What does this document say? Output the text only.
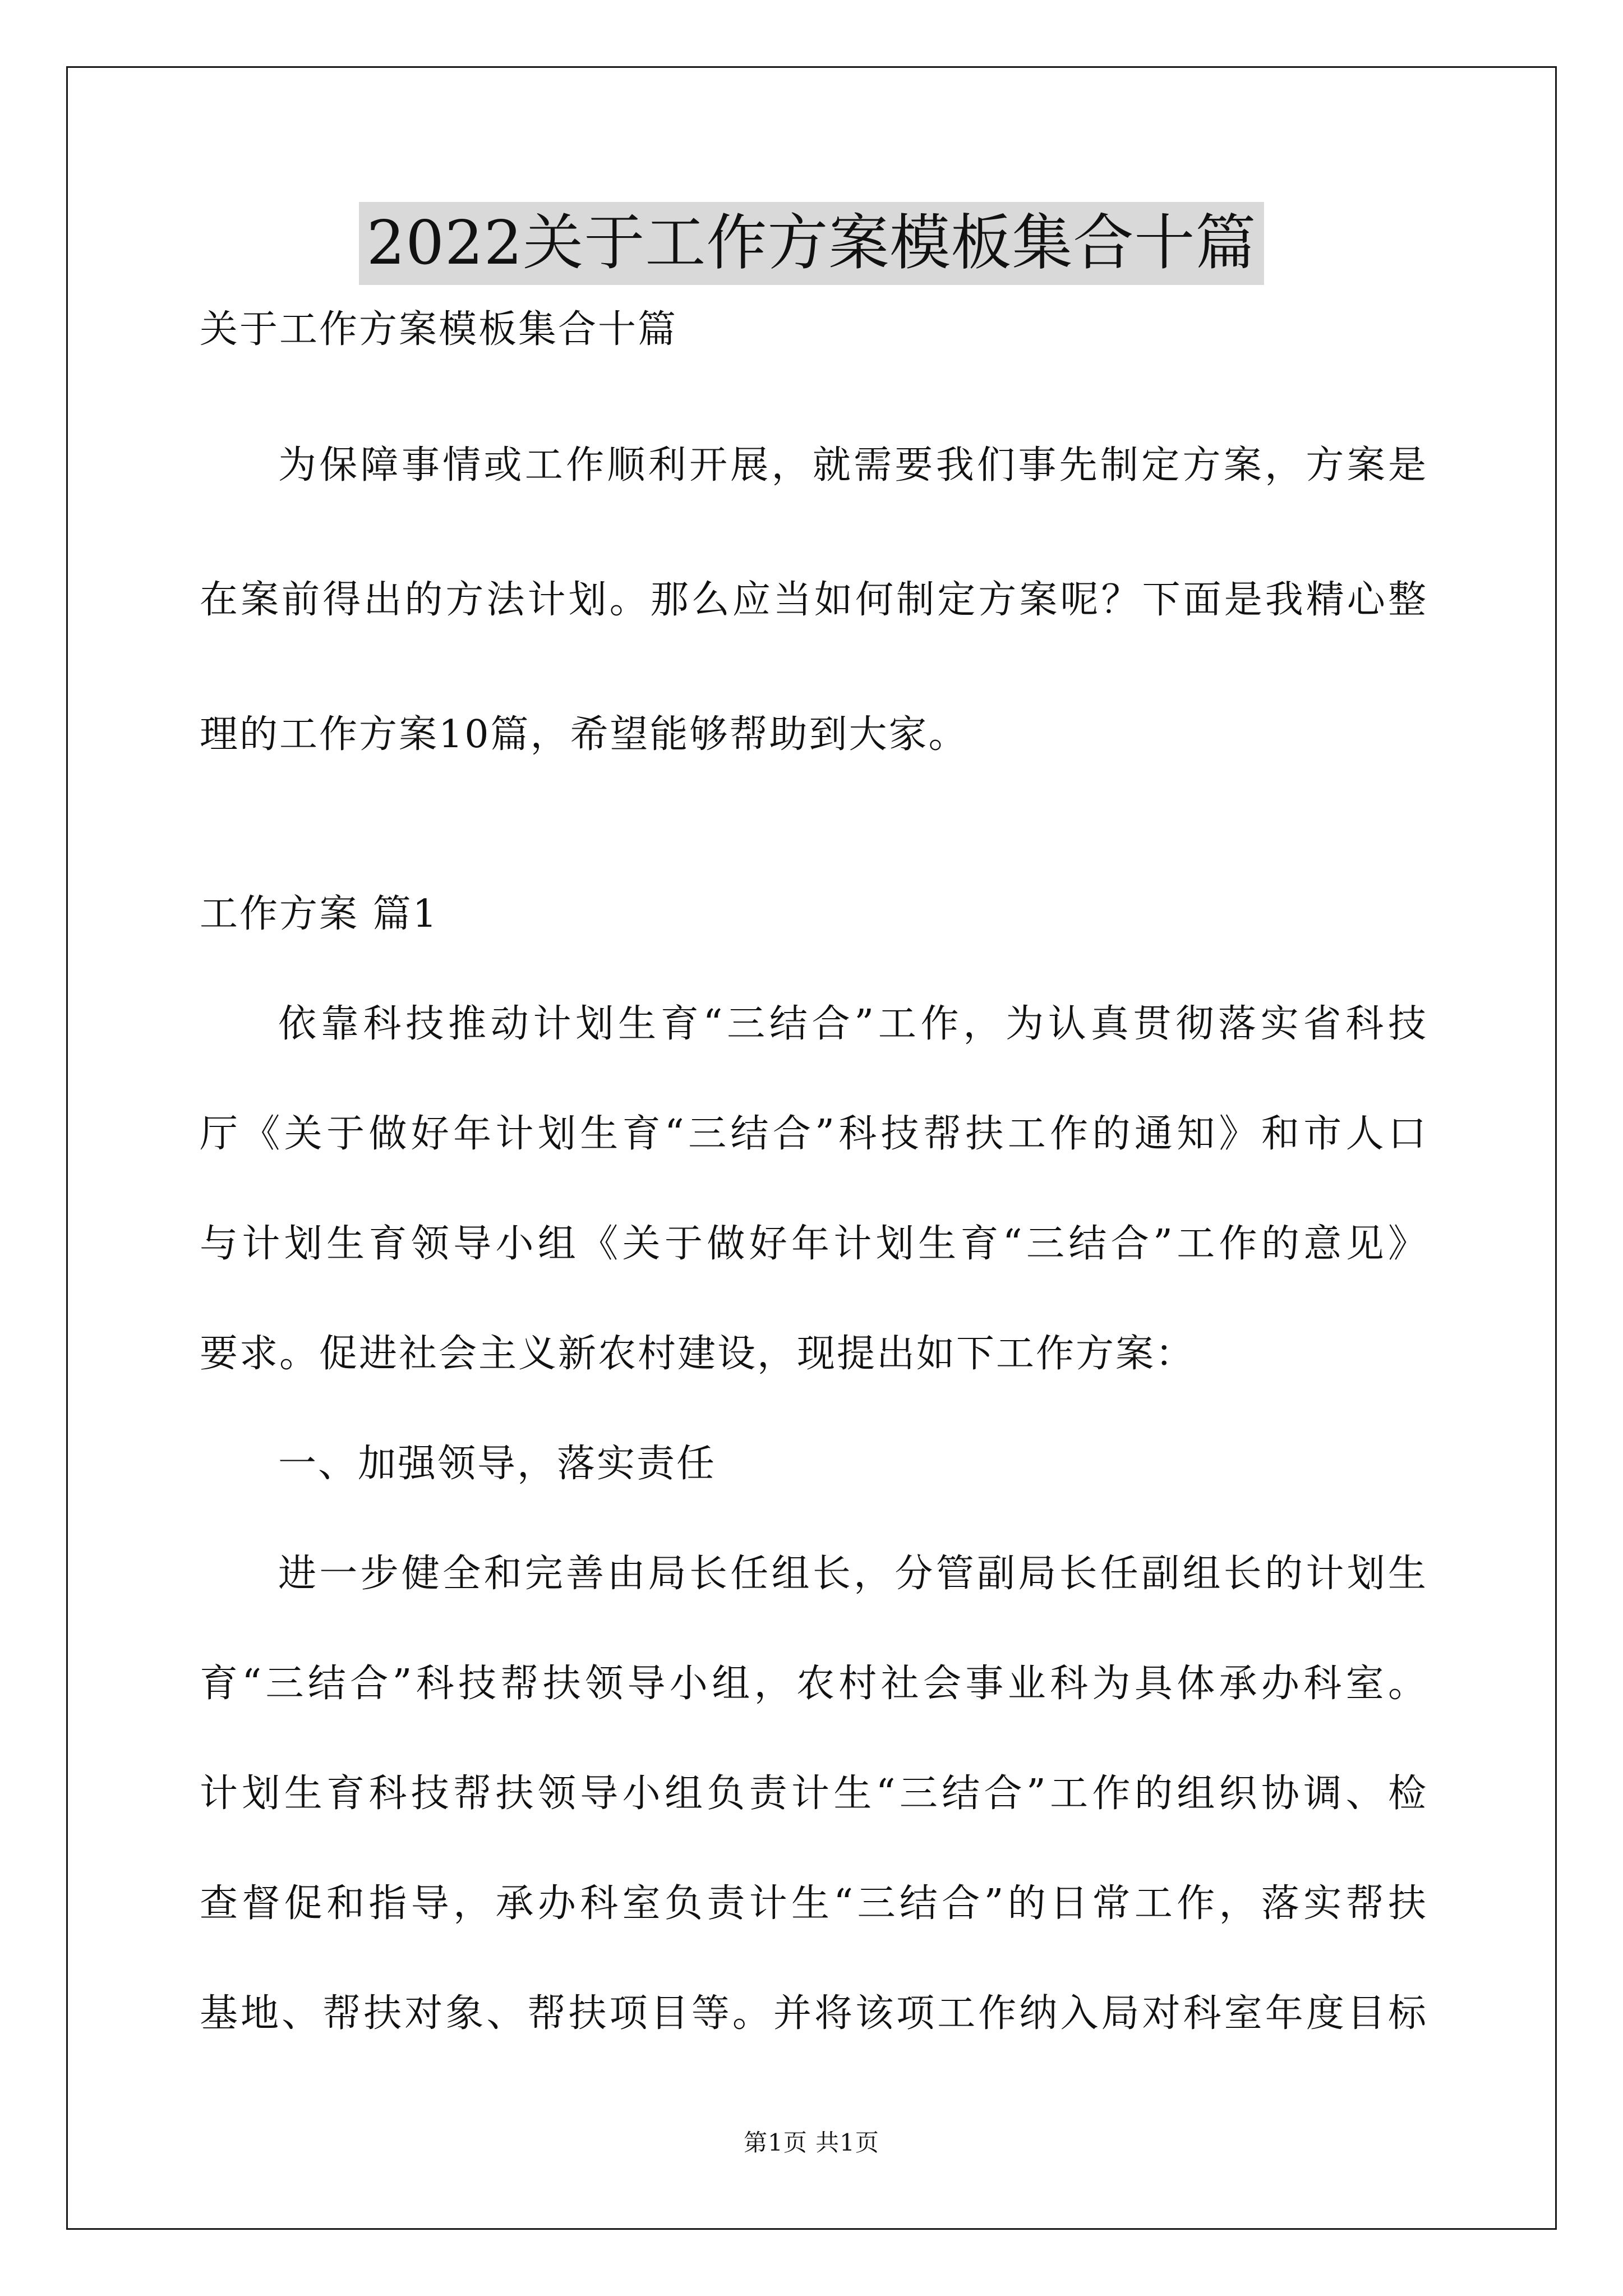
2022关于工作方案模板集合十篇
关于工作方案模板集合十篇
为保障事情或工作顺利开展，就需要我们事先制定方案，方案是
在案前得出的方法计划。那么应当如何制定方案呢？下面是我精心整
理的工作方案10篇，希望能够帮助到大家。
工作方案 篇1
依靠科技推动计划生育“三结合”工作，为认真贯彻落实省科技
厅《关于做好年计划生育“三结合”科技帮扶工作的通知》和市人口
与计划生育领导小组《关于做好年计划生育“三结合”工作的意见》
要求。促进社会主义新农村建设，现提出如下工作方案：
一、加强领导，落实责任
进一步健全和完善由局长任组长，分管副局长任副组长的计划生
育“三结合”科技帮扶领导小组，农村社会事业科为具体承办科室。
计划生育科技帮扶领导小组负责计生“三结合”工作的组织协调、检
查督促和指导，承办科室负责计生“三结合”的日常工作，落实帮扶
基地、帮扶对象、帮扶项目等。并将该项工作纳入局对科室年度目标
第1页 共1页
